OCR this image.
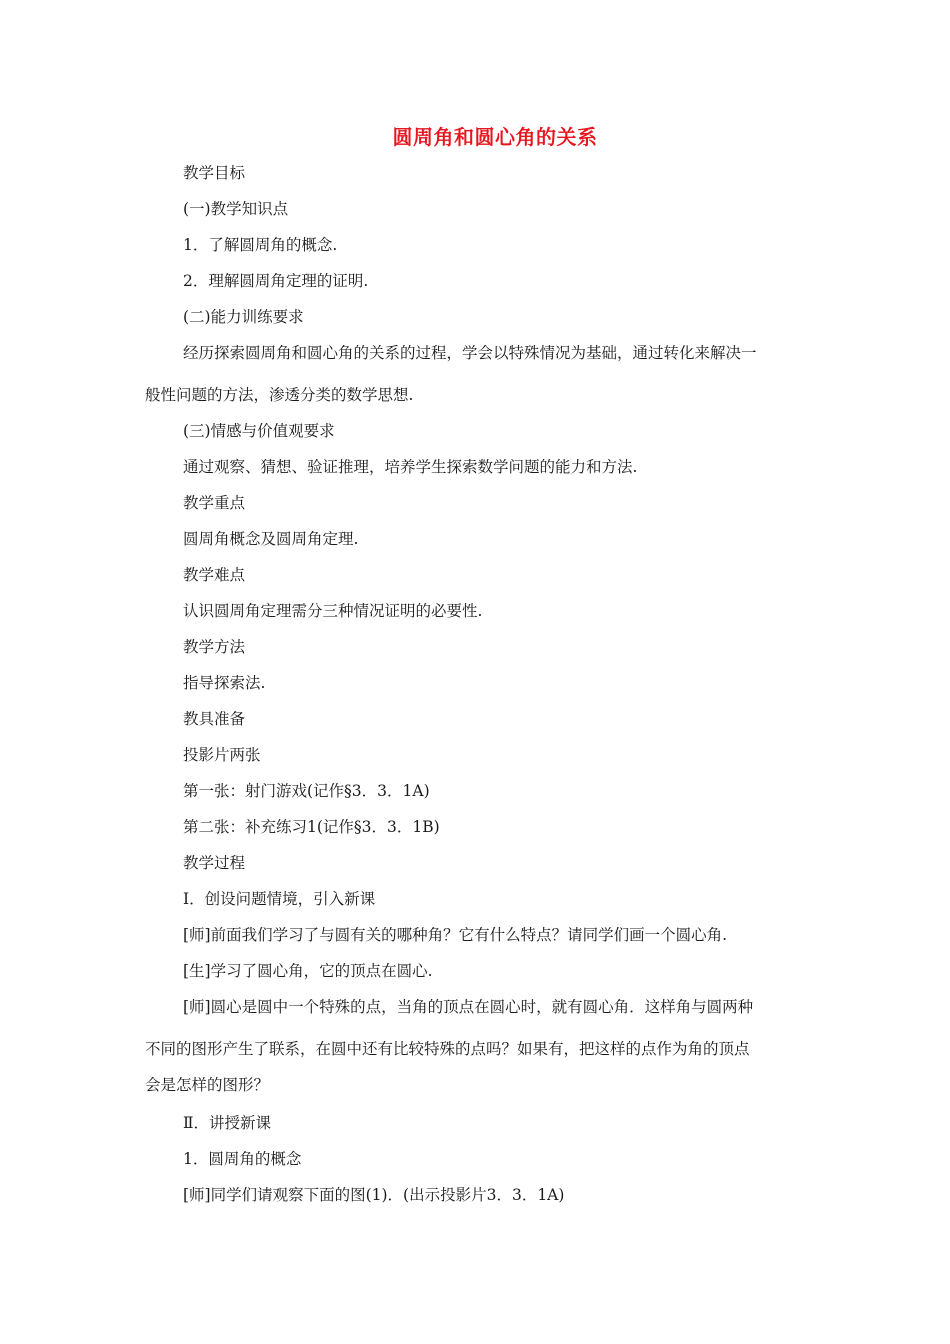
圆周角和圆心角的关系
教学目标
(一)教学知识点
1．了解圆周角的概念.
2．理解圆周角定理的证明.
(二)能力训练要求
经历探索圆周角和圆心角的关系的过程，学会以特殊情况为基础，通过转化来解决一
般性问题的方法，渗透分类的数学思想.
(三)情感与价值观要求
通过观察、猜想、验证推理，培养学生探索数学问题的能力和方法.
教学重点
圆周角概念及圆周角定理.
教学难点
认识圆周角定理需分三种情况证明的必要性.
教学方法
指导探索法.
教具准备
投影片两张
第一张：射门游戏(记作§3．3．1A)
第二张：补充练习1(记作§3．3．1B)
教学过程
Ⅰ．创设问题情境，引入新课
[师]前面我们学习了与圆有关的哪种角？它有什么特点？请同学们画一个圆心角.
[生]学习了圆心角，它的顶点在圆心.
[师]圆心是圆中一个特殊的点，当角的顶点在圆心时，就有圆心角．这样角与圆两种
不同的图形产生了联系，在圆中还有比较特殊的点吗？如果有，把这样的点作为角的顶点
会是怎样的图形？
Ⅱ．讲授新课
1．圆周角的概念
[师]同学们请观察下面的图(1)．(出示投影片3．3．1A)
